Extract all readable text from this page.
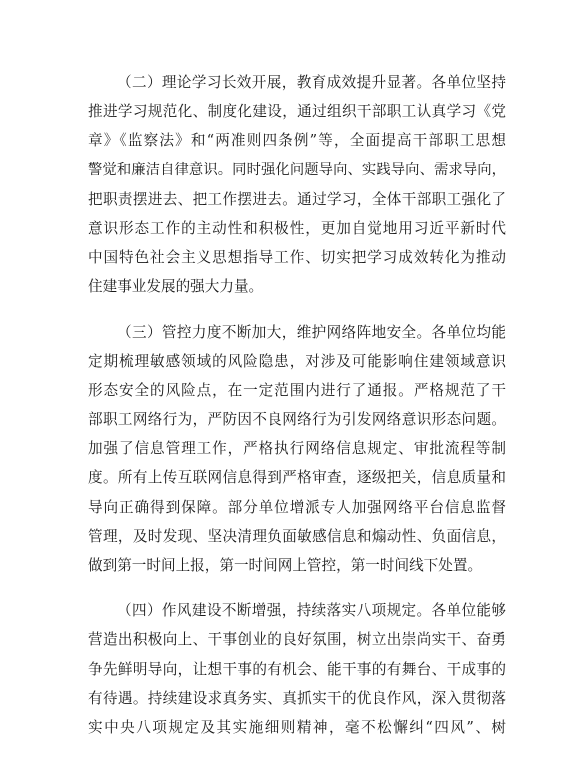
（二）理论学习长效开展，教育成效提升显著。各单位坚持
推进学习规范化、制度化建设，通过组织干部职工认真学习《党
章》《监察法》和“两准则四条例”等，全面提高干部职工思想
警觉和廉洁自律意识。同时强化问题导向、实践导向、需求导向，
把职责摆进去、把工作摆进去。通过学习，全体干部职工强化了
意识形态工作的主动性和积极性，更加自觉地用习近平新时代
中国特色社会主义思想指导工作、切实把学习成效转化为推动
住建事业发展的强大力量。
（三）管控力度不断加大，维护网络阵地安全。各单位均能
定期梳理敏感领域的风险隐患，对涉及可能影响住建领域意识
形态安全的风险点，在一定范围内进行了通报。严格规范了干
部职工网络行为，严防因不良网络行为引发网络意识形态问题。
加强了信息管理工作，严格执行网络信息规定、审批流程等制
度。所有上传互联网信息得到严格审查，逐级把关，信息质量和
导向正确得到保障。部分单位增派专人加强网络平台信息监督
管理，及时发现、坚决清理负面敏感信息和煽动性、负面信息，
做到第一时间上报，第一时间网上管控，第一时间线下处置。
（四）作风建设不断增强，持续落实八项规定。各单位能够
营造出积极向上、干事创业的良好氛围，树立出崇尚实干、奋勇
争先鲜明导向，让想干事的有机会、能干事的有舞台、干成事的
有待遇。持续建设求真务实、真抓实干的优良作风，深入贯彻落
实中央八项规定及其实施细则精神，毫不松懈纠“四风”、树
